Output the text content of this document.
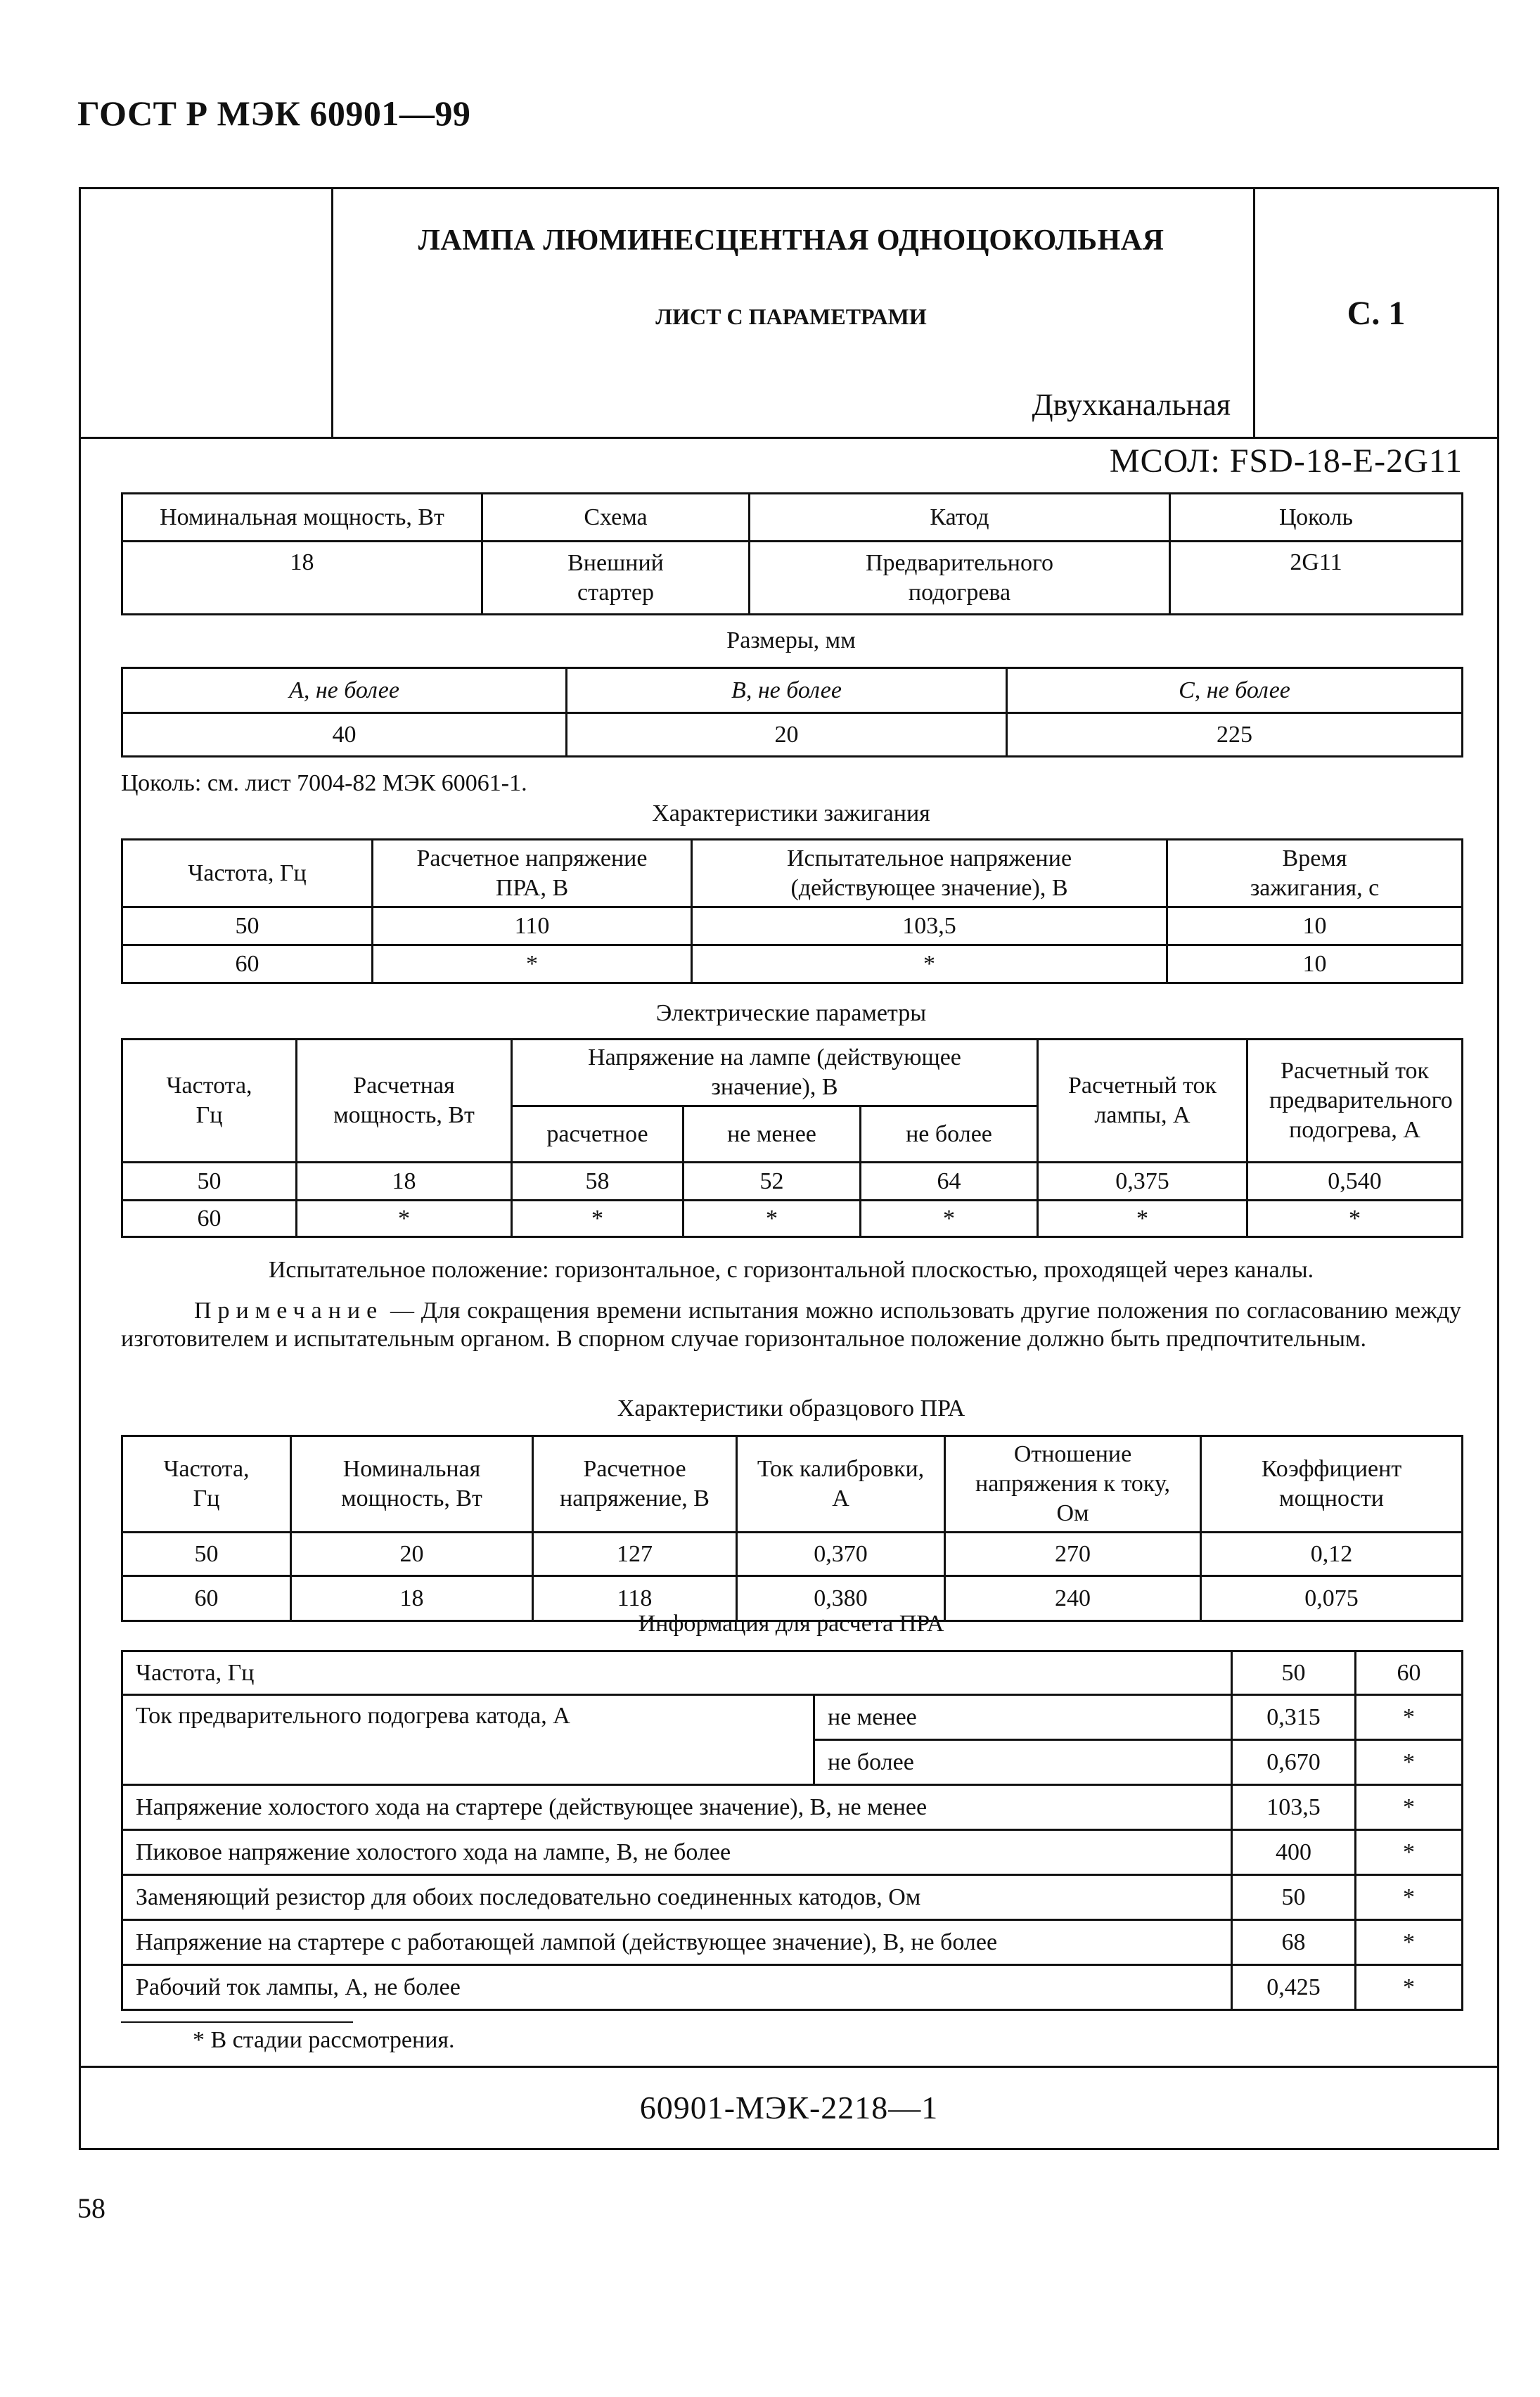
ГОСТ Р МЭК 60901—99
ЛАМПА ЛЮМИНЕСЦЕНТНАЯ ОДНОЦОКОЛЬНАЯ
ЛИСТ С ПАРАМЕТРАМИ	С. 1
Двухканальная
МСОЛ: FSD-18-E-2G11
Номинальная мощность, Вт	Схема	Катод	Цоколь
18	Внешний стартер	Предварительного подогрева	2G11
Размеры, мм
A, не более	B, не более	C, не более
40	20	225
Цоколь: см. лист 7004-82 МЭК 60061-1.
Характеристики зажигания
Частота, Гц	Расчетное напряжение ПРА, В	Испытательное напряжение (действующее значение), В	Время зажигания, с
50	110	103,5	10
60	*	*	10
Электрические параметры
Частота, Гц	Расчетная мощность, Вт	Напряжение на лампе (действующее значение), В			Расчетный ток лампы, А	Расчетный ток предварительного подогрева, А
		расчетное	не менее	не более		
50	18	58	52	64	0,375	0,540
60	*	*	*	*	*	*
Испытательное положение: горизонтальное, с горизонтальной плоскостью, проходящей через каналы.
Примечание — Для сокращения времени испытания можно использовать другие положения по согласованию между изготовителем и испытательным органом. В спорном случае горизонтальное положение должно быть предпочтительным.
Характеристики образцового ПРА
Частота, Гц	Номинальная мощность, Вт	Расчетное напряжение, В	Ток калибровки, А	Отношение напряжения к току, Ом	Коэффициент мощности
50	20	127	0,370	270	0,12
60	18	118	0,380	240	0,075
Информация для расчета ПРА
Частота, Гц		50	60
Ток предварительного подогрева катода, А	не менее	0,315	*
	не более	0,670	*
Напряжение холостого хода на стартере (действующее значение), В, не менее		103,5	*
Пиковое напряжение холостого хода на лампе, В, не более		400	*
Заменяющий резистор для обоих последовательно соединенных катодов, Ом		50	*
Напряжение на стартере с работающей лампой (действующее значение), В, не более		68	*
Рабочий ток лампы, А, не более		0,425	*
* В стадии рассмотрения.
60901-МЭК-2218—1
58
